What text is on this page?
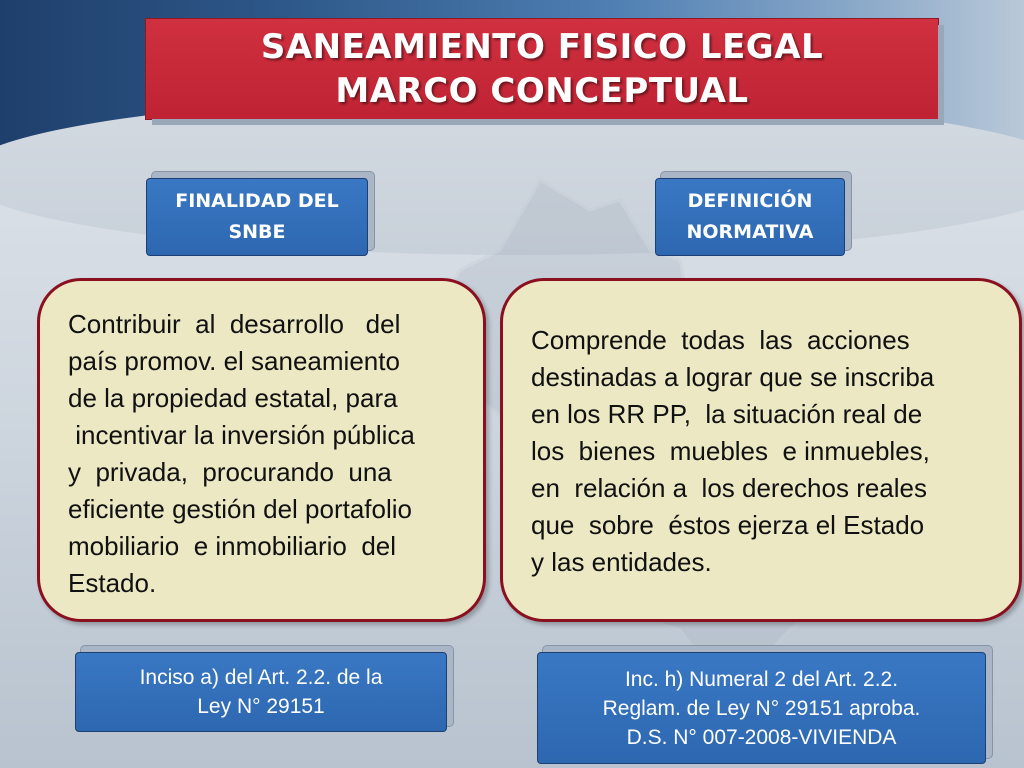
SANEAMIENTO FISICO LEGAL
MARCO CONCEPTUAL
FINALIDAD DEL
SNBE
Contribuir  al  desarrollo   del
país promov. el saneamiento
de la propiedad estatal, para
incentivar la inversión pública
y  privada,  procurando  una
eficiente gestión del portafolio
mobiliario  e inmobiliario  del
Estado.
Inciso a) del Art. 2.2. de la
Ley N° 29151
DEFINICIÓN
NORMATIVA
Comprende  todas  las  acciones
destinadas a lograr que se inscriba
en los RR PP,  la situación real de
los  bienes  muebles  e inmuebles,
en  relación a  los derechos reales
que  sobre  éstos ejerza el Estado
y las entidades.
Inc. h) Numeral 2 del Art. 2.2.
Reglam. de Ley N° 29151 aproba.
D.S. N° 007-2008-VIVIENDA
